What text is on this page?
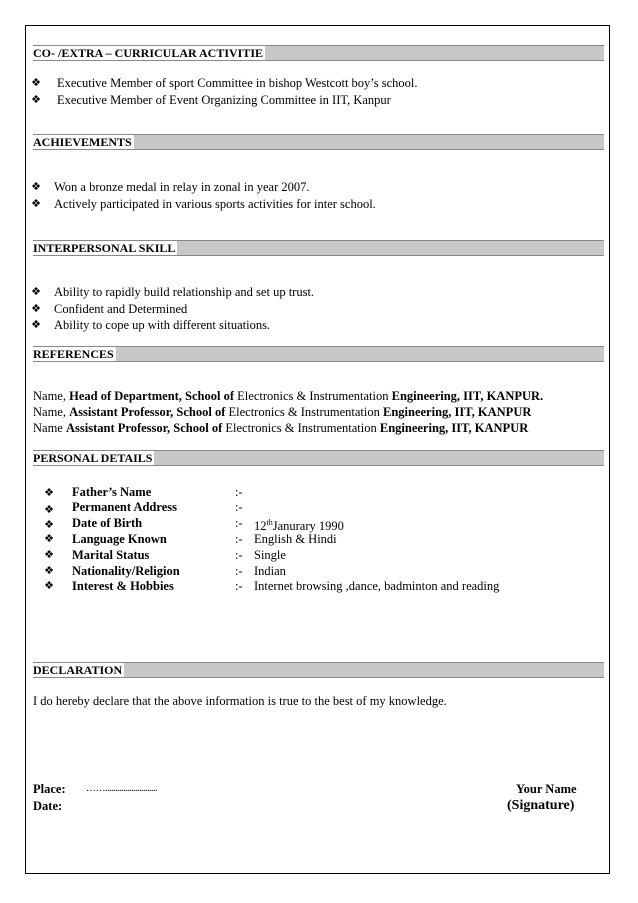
CO- /EXTRA – CURRICULAR ACTIVITIE
❖ Executive Member of sport Committee in bishop Westcott boy’s school.
❖ Executive Member of Event Organizing Committee in IIT, Kanpur
ACHIEVEMENTS
❖ Won a bronze medal in relay in zonal in year 2007.
❖ Actively participated in various sports activities for inter school.
INTERPERSONAL SKILL
❖ Ability to rapidly build relationship and set up trust.
❖ Confident and Determined
❖ Ability to cope up with different situations.
REFERENCES
Name, Head of Department, School of Electronics & Instrumentation Engineering, IIT, KANPUR.
Name, Assistant Professor, School of Electronics & Instrumentation Engineering, IIT, KANPUR
Name Assistant Professor, School of Electronics & Instrumentation Engineering, IIT, KANPUR
PERSONAL DETAILS
❖ Father’s Name	:-
❖ Permanent Address	:-
❖ Date of Birth	:- 12thJanurary 1990
❖ Language Known	:- English & Hindi
❖ Marital Status	:- Single
❖ Nationality/Religion	:- Indian
❖ Interest & Hobbies	:- Internet browsing ,dance, badminton and reading
DECLARATION
I do hereby declare that the above information is true to the best of my knowledge.
Place: ……..........................
Date:
Your Name
(Signature)
